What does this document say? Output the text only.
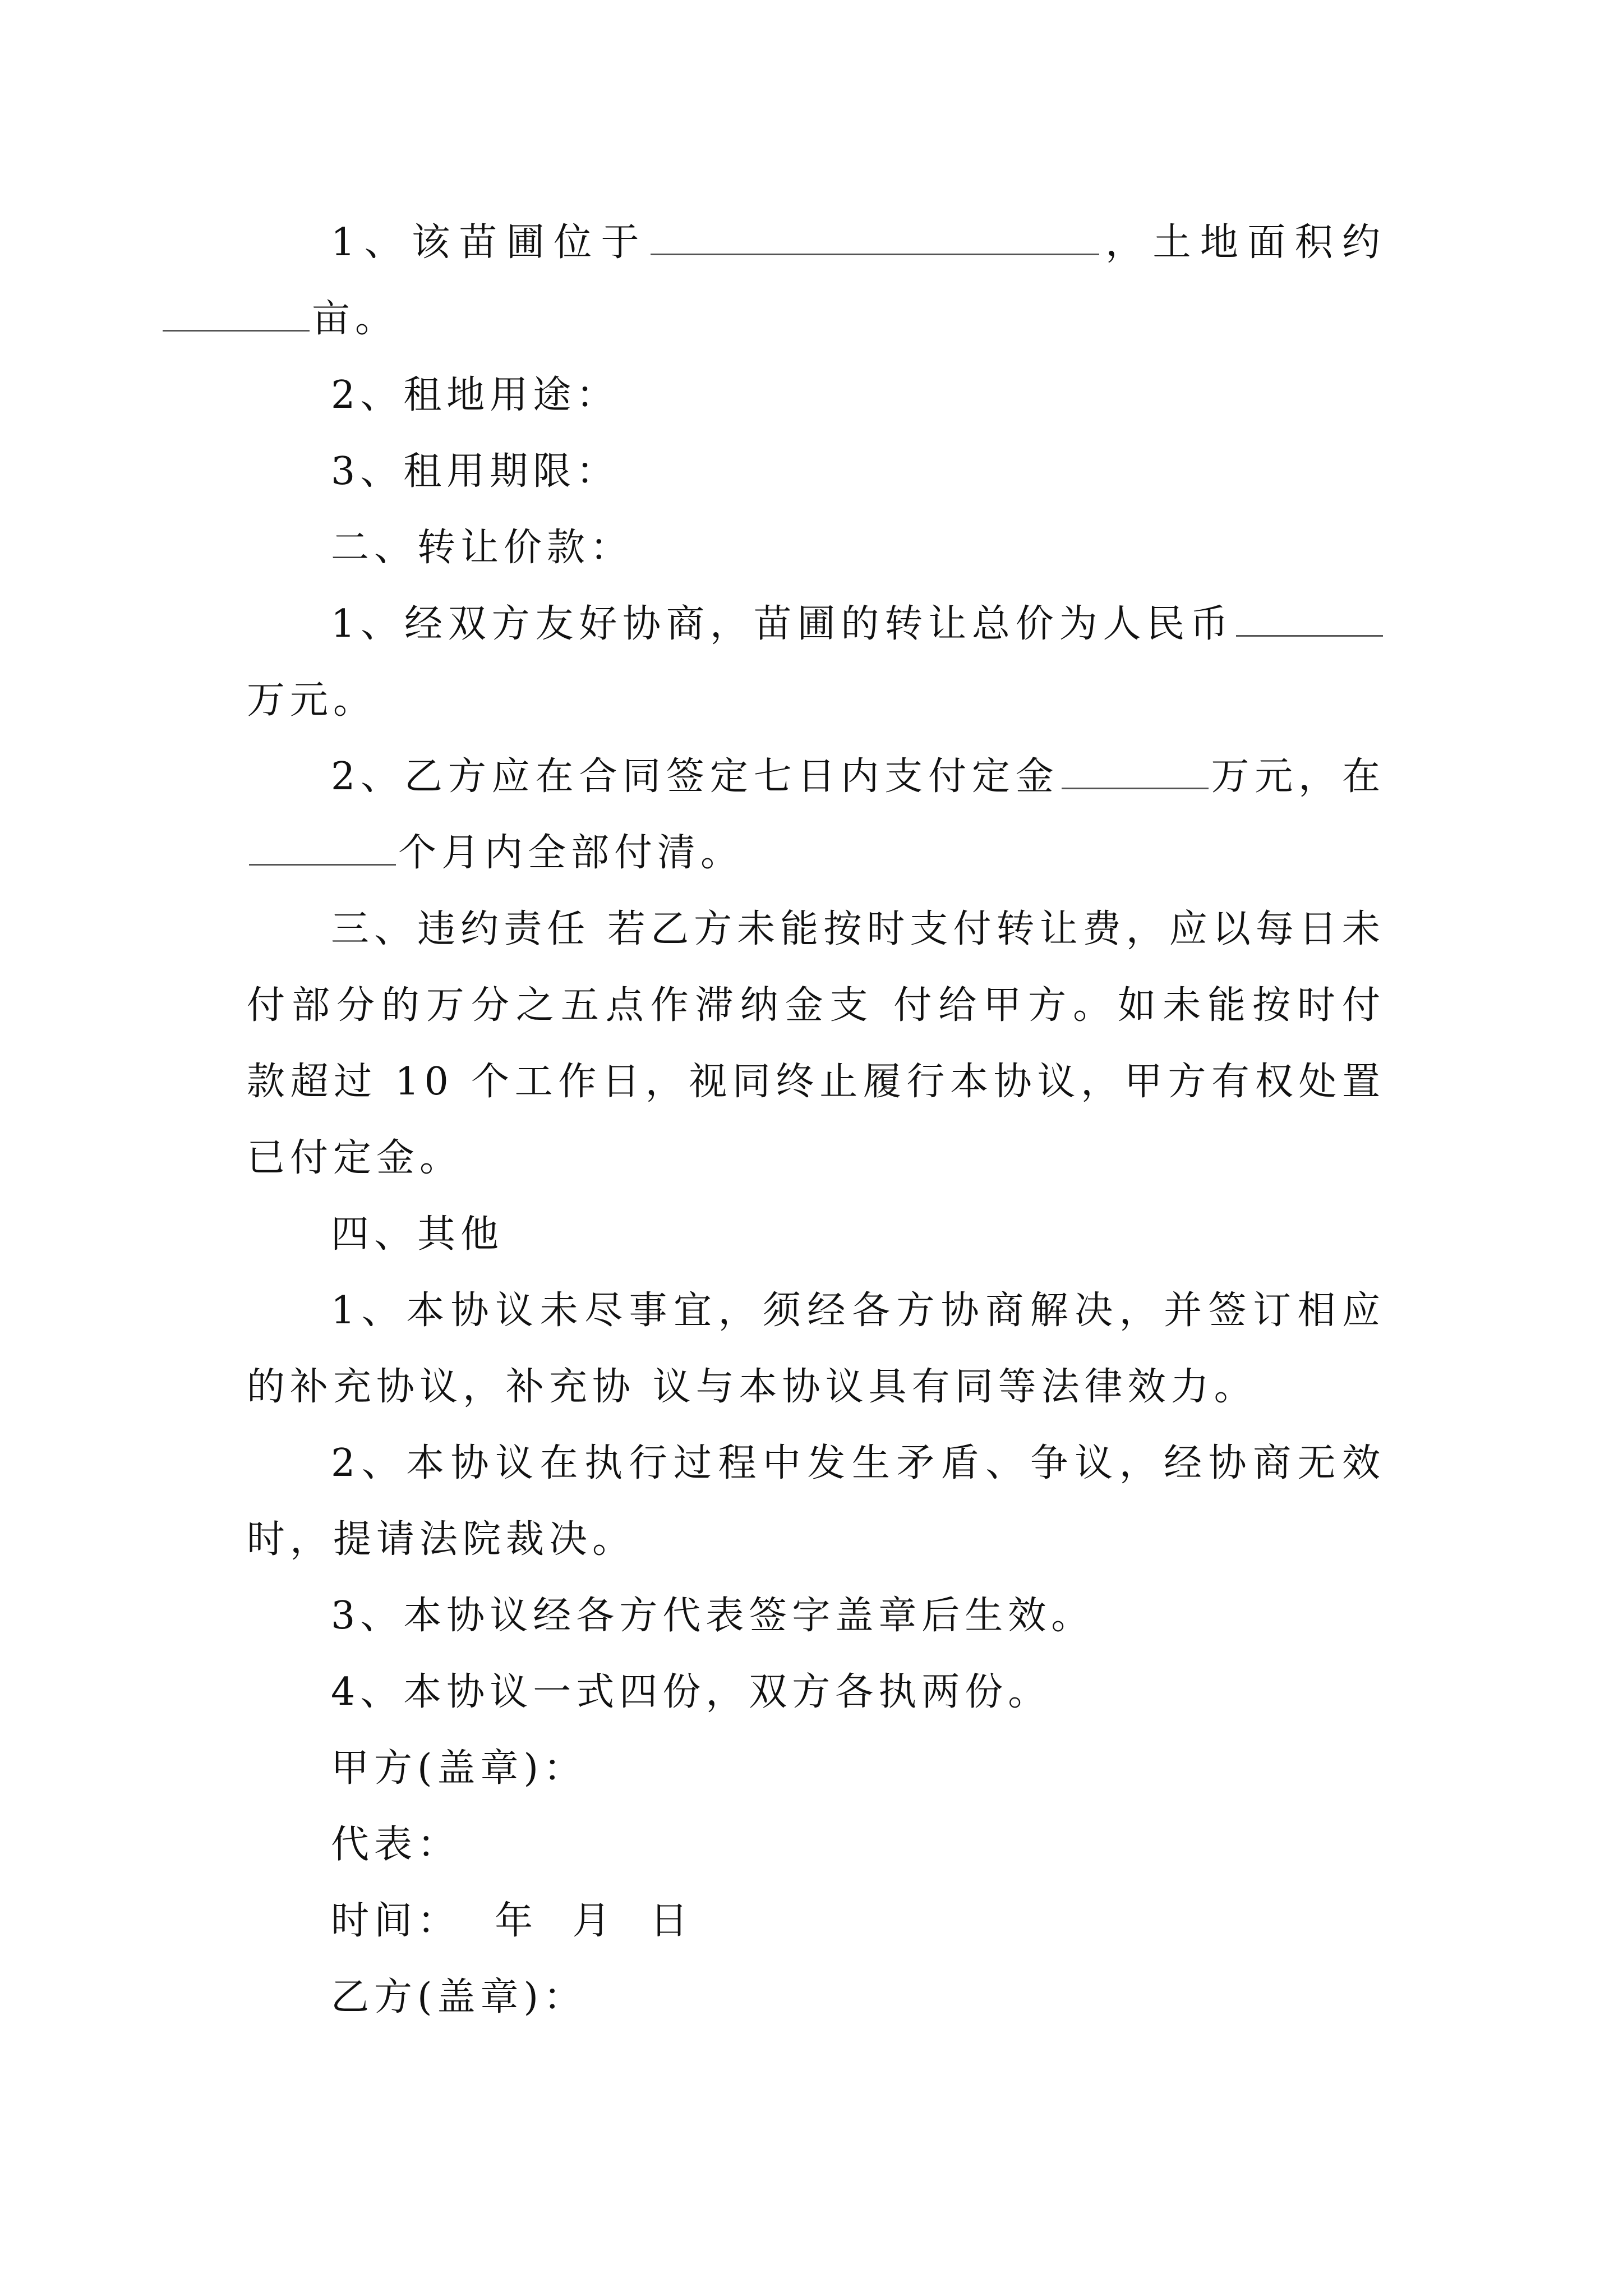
1、该苗圃位于	，土地面积约亩。

2、租地用途：

3、租用期限：

二、转让价款：

1、经双方友好协商，苗圃的转让总价为人民币万元。

2、乙方应在合同签定七日内支付定金	万元，在个月内全部付清。

三、违约责任 若乙方未能按时支付转让费，应以每日未付部分的万分之五点作滞纳金支 付给甲方。如未能按时付款超过 10 个工作日，视同终止履行本协议，甲方有权处置已付定金。

四、其他

1、本协议未尽事宜，须经各方协商解决，并签订相应的补充协议，补充协 议与本协议具有同等法律效力。

2、本协议在执行过程中发生矛盾、争议，经协商无效时，提请法院裁决。

3、本协议经各方代表签字盖章后生效。

4、本协议一式四份，双方各执两份。

甲方(盖章)：

代表：

时间：  年  月  日

乙方(盖章)：
